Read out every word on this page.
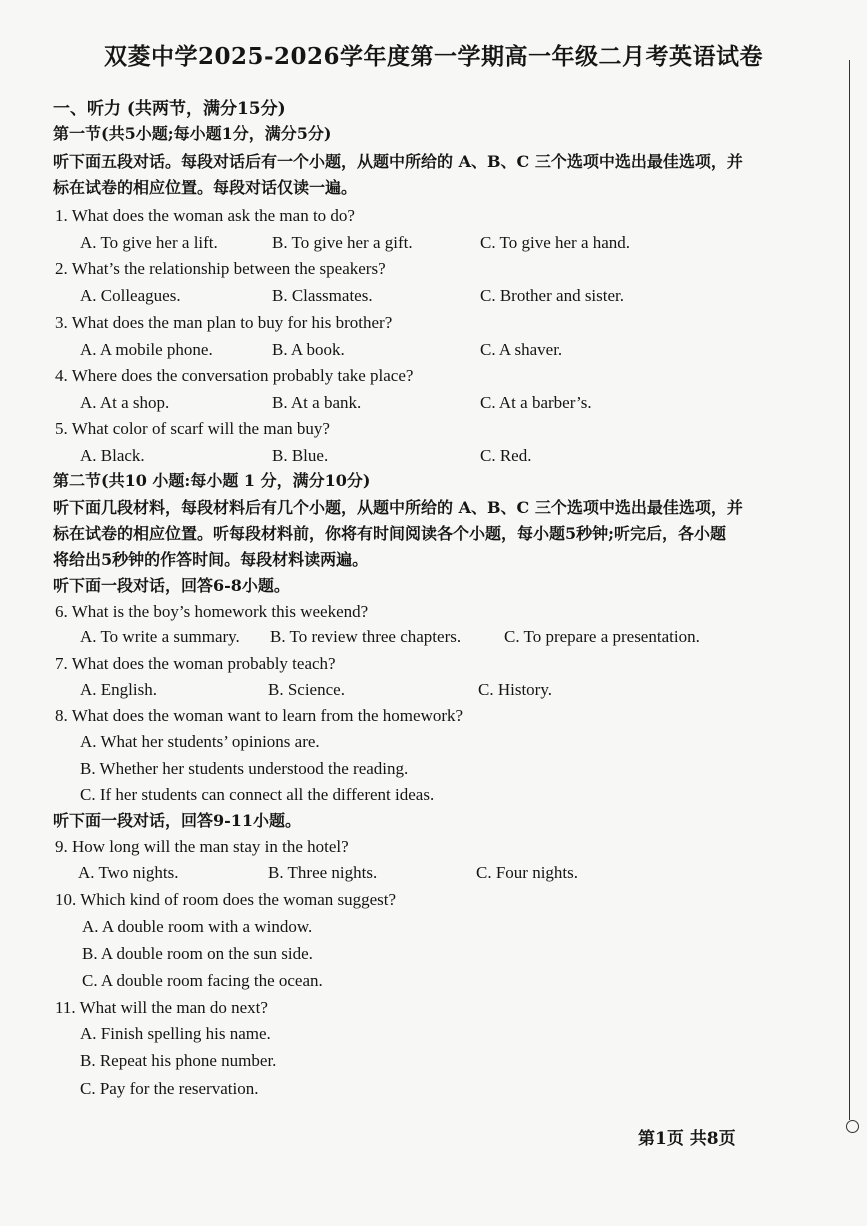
双菱中学2025-2026学年度第一学期高一年级二月考英语试卷
一、听力 (共两节，满分15分)
第一节(共5小题;每小题1分，满分5分)
听下面五段对话。每段对话后有一个小题，从题中所给的 A、B、C 三个选项中选出最佳选项，并
标在试卷的相应位置。每段对话仅读一遍。
1. What does the woman ask the man to do?
A. To give her a lift.	B. To give her a gift.	C. To give her a hand.
2. What’s the relationship between the speakers?
A. Colleagues.	B. Classmates.	C. Brother and sister.
3. What does the man plan to buy for his brother?
A. A mobile phone.	B. A book.	C. A shaver.
4. Where does the conversation probably take place?
A. At a shop.	B. At a bank.	C. At a barber’s.
5. What color of scarf will the man buy?
A. Black.	B. Blue.	C. Red.
第二节(共10 小题:每小题 1 分，满分10分)
听下面几段材料，每段材料后有几个小题，从题中所给的 A、B、C 三个选项中选出最佳选项，并
标在试卷的相应位置。听每段材料前，你将有时间阅读各个小题，每小题5秒钟;听完后，各小题
将给出5秒钟的作答时间。每段材料读两遍。
听下面一段对话，回答6-8小题。
6. What is the boy’s homework this weekend?
A. To write a summary. B. To review three chapters.	C. To prepare a presentation.
7. What does the woman probably teach?
A. English.	B. Science.	C. History.
8. What does the woman want to learn from the homework?
A. What her students’ opinions are.
B. Whether her students understood the reading.
C. If her students can connect all the different ideas.
听下面一段对话，回答9-11小题。
9. How long will the man stay in the hotel?
A. Two nights.	B. Three nights.	C. Four nights.
10. Which kind of room does the woman suggest?
A. A double room with a window.
B. A double room on the sun side.
C. A double room facing the ocean.
11. What will the man do next?
A. Finish spelling his name.
B. Repeat his phone number.
C. Pay for the reservation.
第1页 共8页
